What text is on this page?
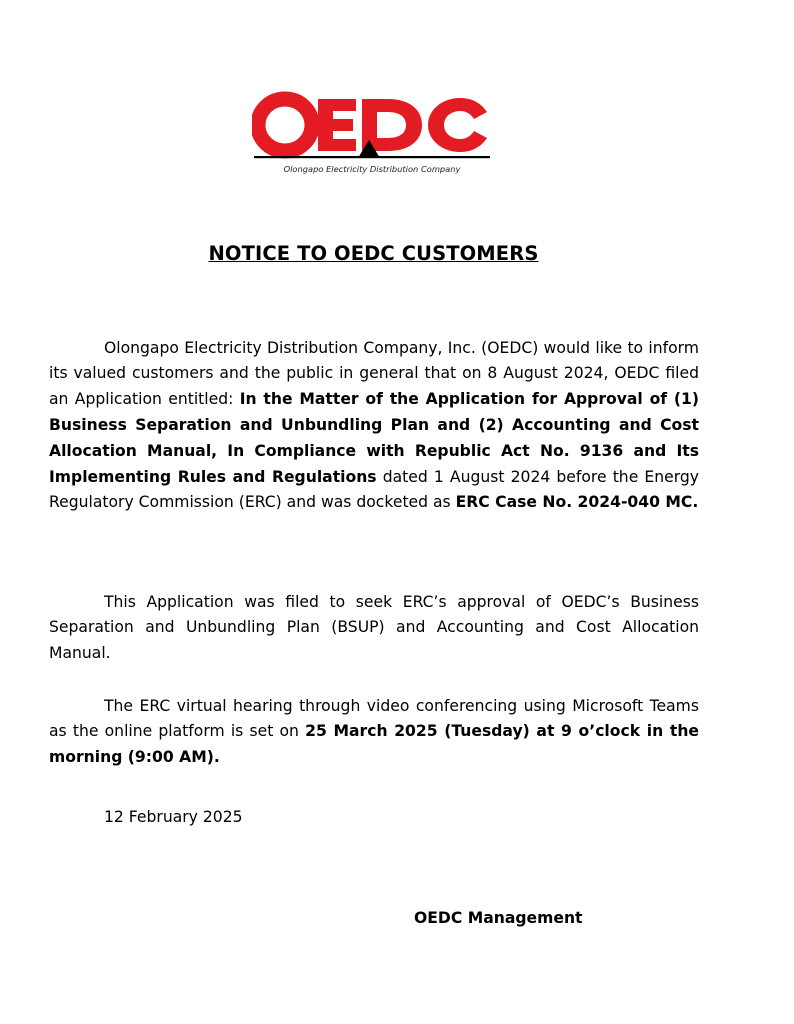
Olongapo Electricity Distribution Company
NOTICE TO OEDC CUSTOMERS

Olongapo Electricity Distribution Company, Inc. (OEDC) would like to inform its valued customers and the public in general that on 8 August 2024, OEDC filed an Application entitled: In the Matter of the Application for Approval of (1) Business Separation and Unbundling Plan and (2) Accounting and Cost Allocation Manual, In Compliance with Republic Act No. 9136 and Its Implementing Rules and Regulations dated 1 August 2024 before the Energy Regulatory Commission (ERC) and was docketed as ERC Case No. 2024-040 MC.

This Application was filed to seek ERC’s approval of OEDC’s Business Separation and Unbundling Plan (BSUP) and Accounting and Cost Allocation Manual.

The ERC virtual hearing through video conferencing using Microsoft Teams as the online platform is set on 25 March 2025 (Tuesday) at 9 o’clock in the morning (9:00 AM).

12 February 2025
OEDC Management
